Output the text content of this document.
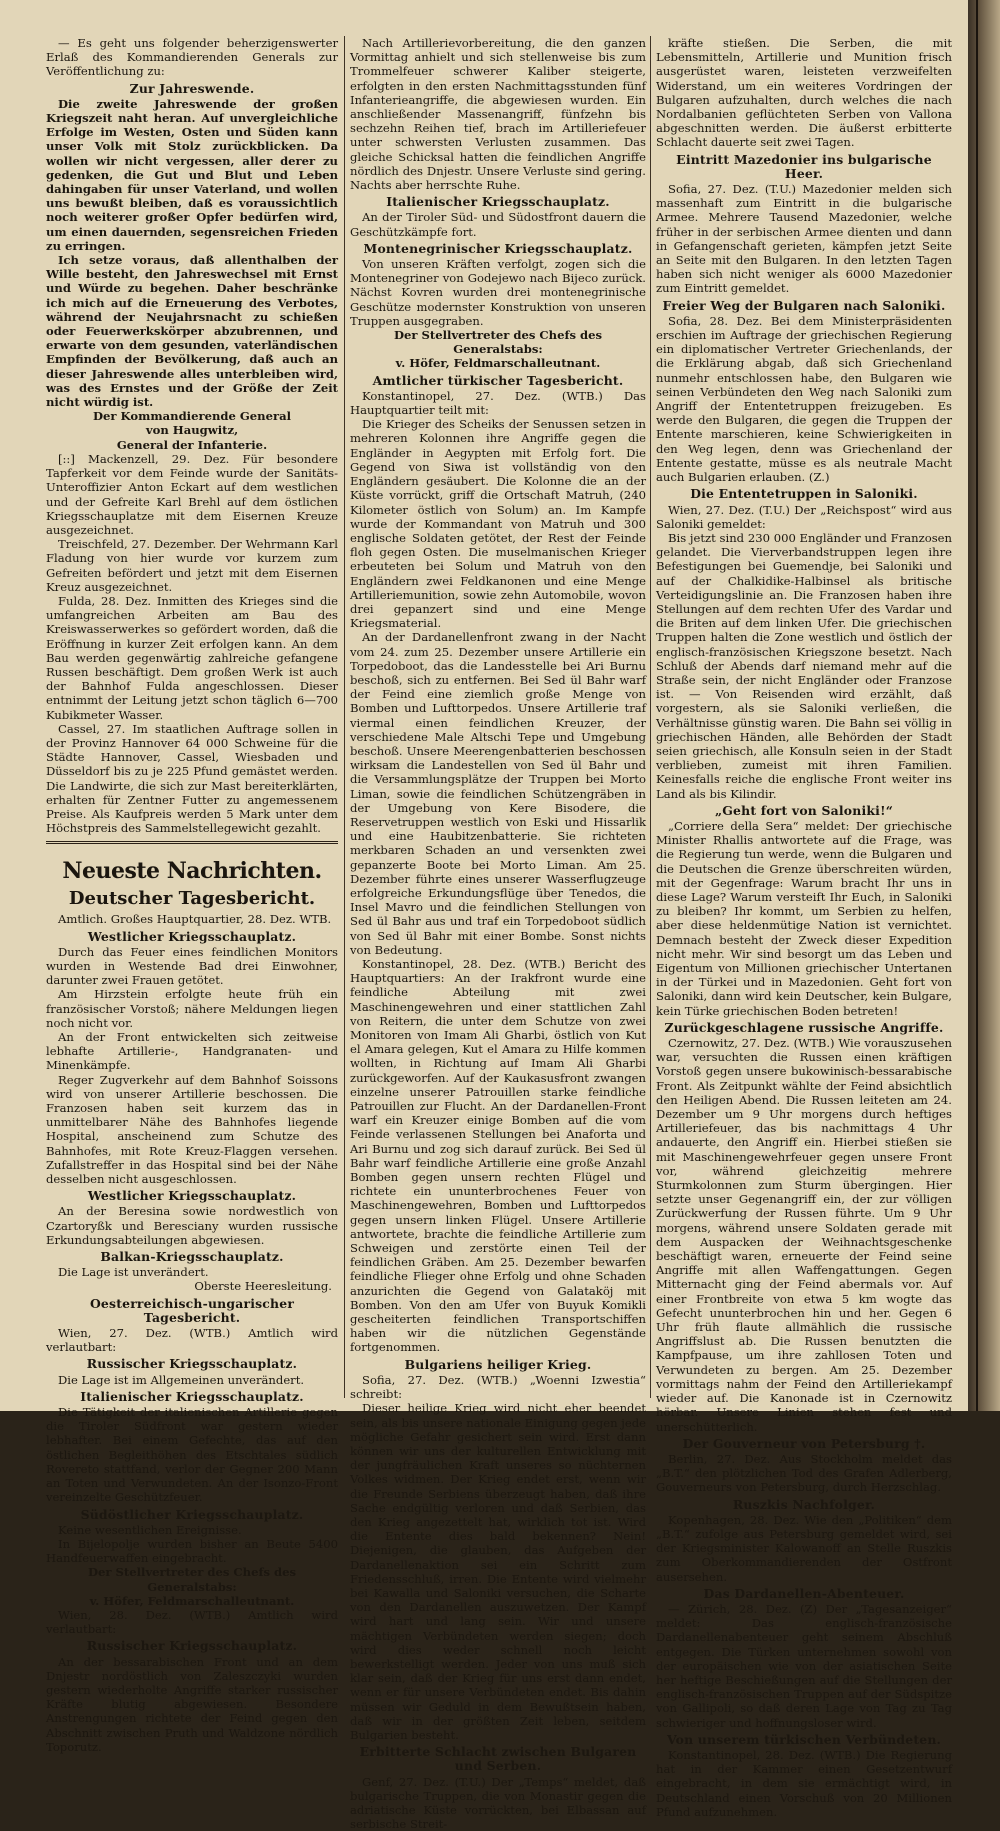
— Es geht uns folgender beherzigenswerter Erlaß des Kommandierenden Generals zur Veröffentlichung zu:

Zur Jahreswende.

Die zweite Jahreswende der großen Kriegszeit naht heran. Auf unvergleichliche Erfolge im Westen, Osten und Süden kann unser Volk mit Stolz zurückblicken. Da wollen wir nicht vergessen, aller derer zu gedenken, die Gut und Blut und Leben dahingaben für unser Vaterland, und wollen uns bewußt bleiben, daß es voraussichtlich noch weiterer großer Opfer bedürfen wird, um einen dauernden, segensreichen Frieden zu erringen.

Ich setze voraus, daß allenthalben der Wille besteht, den Jahreswechsel mit Ernst und Würde zu begehen. Daher beschränke ich mich auf die Erneuerung des Verbotes, während der Neujahrsnacht zu schießen oder Feuerwerkskörper abzubrennen, und erwarte von dem gesunden, vaterländischen Empfinden der Bevölkerung, daß auch an dieser Jahreswende alles unterbleiben wird, was des Ernstes und der Größe der Zeit nicht würdig ist.

Der Kommandierende General
von Haugwitz,
General der Infanterie.

[::] Mackenzell, 29. Dez. Für besondere Tapferkeit vor dem Feinde wurde der Sanitäts-Unteroffizier Anton Eckart auf dem westlichen und der Gefreite Karl Brehl auf dem östlichen Kriegsschauplatze mit dem Eisernen Kreuze ausgezeichnet.

Treischfeld, 27. Dezember. Der Wehrmann Karl Fladung von hier wurde vor kurzem zum Gefreiten befördert und jetzt mit dem Eisernen Kreuz ausgezeichnet.

Fulda, 28. Dez. Inmitten des Krieges sind die umfangreichen Arbeiten am Bau des Kreiswasserwerkes so gefördert worden, daß die Eröffnung in kurzer Zeit erfolgen kann. An dem Bau werden gegenwärtig zahlreiche gefangene Russen beschäftigt. Dem großen Werk ist auch der Bahnhof Fulda angeschlossen. Dieser entnimmt der Leitung jetzt schon täglich 6—700 Kubikmeter Wasser.

Cassel, 27. Im staatlichen Auftrage sollen in der Provinz Hannover 64 000 Schweine für die Städte Hannover, Cassel, Wiesbaden und Düsseldorf bis zu je 225 Pfund gemästet werden. Die Landwirte, die sich zur Mast bereiterklärten, erhalten für Zentner Futter zu angemessenem Preise. Als Kaufpreis werden 5 Mark unter dem Höchstpreis des Sammelstellegewicht gezahlt.

Neueste Nachrichten.
Deutscher Tagesbericht.

Amtlich. Großes Hauptquartier, 28. Dez. WTB.

Westlicher Kriegsschauplatz.

Durch das Feuer eines feindlichen Monitors wurden in Westende Bad drei Einwohner, darunter zwei Frauen getötet.

Am Hirzstein erfolgte heute früh ein französischer Vorstoß; nähere Meldungen liegen noch nicht vor.

An der Front entwickelten sich zeitweise lebhafte Artillerie-, Handgranaten- und Minenkämpfe.

Reger Zugverkehr auf dem Bahnhof Soissons wird von unserer Artillerie beschossen. Die Franzosen haben seit kurzem das in unmittelbarer Nähe des Bahnhofes liegende Hospital, anscheinend zum Schutze des Bahnhofes, mit Rote Kreuz-Flaggen versehen. Zufallstreffer in das Hospital sind bei der Nähe desselben nicht ausgeschlossen.

Westlicher Kriegsschauplatz.

An der Beresina sowie nordwestlich von Czartoryßk und Beresciany wurden russische Erkundungsabteilungen abgewiesen.

Balkan-Kriegsschauplatz.

Die Lage ist unverändert.

Oberste Heeresleitung.
Oesterreichisch-ungarischer Tagesbericht.

Wien, 27. Dez. (WTB.) Amtlich wird verlautbart:

Russischer Kriegsschauplatz.

Die Lage ist im Allgemeinen unverändert.

Italienischer Kriegsschauplatz.

Die Tätigkeit der italienischen Artillerie gegen die Tiroler Südfront war gestern wieder lebhafter. Bei einem Gefechte, das auf den östlichen Begleithöhen des Etschtales südlich Rovereto stattfand, verlor der Gegner 200 Mann an Toten und Verwundeten. An der Isonzo-Front vereinzelte Geschützfeuer.

Südöstlicher Kriegsschauplatz.

Keine wesentlichen Ereignisse.

In Bijelopolje wurden bisher an Beute 5400 Handfeuerwaffen eingebracht.

Der Stellvertreter des Chefs des Generalstabs:
v. Höfer, Feldmarschalleutnant.

Wien, 28. Dez. (WTB.) Amtlich wird verlautbart:

Russischer Kriegsschauplatz.

An der bessarabischen Front und an dem Dnjestr nordöstlich von Zaleszczyki wurden gestern wiederholte Angriffe starker russischer Kräfte blutig abgewiesen. Besondere Anstrengungen richtete der Feind gegen den Abschnitt zwischen Pruth und Waldzone nördlich Toporutz.

Nach Artillerievorbereitung, die den ganzen Vormittag anhielt und sich stellenweise bis zum Trommelfeuer schwerer Kaliber steigerte, erfolgten in den ersten Nachmittagsstunden fünf Infanterieangriffe, die abgewiesen wurden. Ein anschließender Massenangriff, fünfzehn bis sechzehn Reihen tief, brach im Artilleriefeuer unter schwersten Verlusten zusammen. Das gleiche Schicksal hatten die feindlichen Angriffe nördlich des Dnjestr. Unsere Verluste sind gering. Nachts aber herrschte Ruhe.

Italienischer Kriegsschauplatz.

An der Tiroler Süd- und Südostfront dauern die Geschützkämpfe fort.

Montenegrinischer Kriegsschauplatz.

Von unseren Kräften verfolgt, zogen sich die Montenegriner von Godejewo nach Bijeco zurück. Nächst Kovren wurden drei montenegrinische Geschütze modernster Konstruktion von unseren Truppen ausgegraben.

Der Stellvertreter des Chefs des Generalstabs:
v. Höfer, Feldmarschalleutnant.
Amtlicher türkischer Tagesbericht.

Konstantinopel, 27. Dez. (WTB.) Das Hauptquartier teilt mit:

Die Krieger des Scheiks der Senussen setzen in mehreren Kolonnen ihre Angriffe gegen die Engländer in Aegypten mit Erfolg fort. Die Gegend von Siwa ist vollständig von den Engländern gesäubert. Die Kolonne die an der Küste vorrückt, griff die Ortschaft Matruh, (240 Kilometer östlich von Solum) an. Im Kampfe wurde der Kommandant von Matruh und 300 englische Soldaten getötet, der Rest der Feinde floh gegen Osten. Die muselmanischen Krieger erbeuteten bei Solum und Matruh von den Engländern zwei Feldkanonen und eine Menge Artilleriemunition, sowie zehn Automobile, wovon drei gepanzert sind und eine Menge Kriegsmaterial.

An der Dardanellenfront zwang in der Nacht vom 24. zum 25. Dezember unsere Artillerie ein Torpedoboot, das die Landesstelle bei Ari Burnu beschoß, sich zu entfernen. Bei Sed ül Bahr warf der Feind eine ziemlich große Menge von Bomben und Lufttorpedos. Unsere Artillerie traf viermal einen feindlichen Kreuzer, der verschiedene Male Altschi Tepe und Umgebung beschoß. Unsere Meerengenbatterien beschossen wirksam die Landestellen von Sed ül Bahr und die Versammlungsplätze der Truppen bei Morto Liman, sowie die feindlichen Schützengräben in der Umgebung von Kere Bisodere, die Reservetruppen westlich von Eski und Hissarlik und eine Haubitzenbatterie. Sie richteten merkbaren Schaden an und versenkten zwei gepanzerte Boote bei Morto Liman. Am 25. Dezember führte eines unserer Wasserflugzeuge erfolgreiche Erkundungsflüge über Tenedos, die Insel Mavro und die feindlichen Stellungen von Sed ül Bahr aus und traf ein Torpedoboot südlich von Sed ül Bahr mit einer Bombe. Sonst nichts von Bedeutung.

Konstantinopel, 28. Dez. (WTB.) Bericht des Hauptquartiers: An der Irakfront wurde eine feindliche Abteilung mit zwei Maschinengewehren und einer stattlichen Zahl von Reitern, die unter dem Schutze von zwei Monitoren von Imam Ali Gharbi, östlich von Kut el Amara gelegen, Kut el Amara zu Hilfe kommen wollten, in Richtung auf Imam Ali Gharbi zurückgeworfen. Auf der Kaukasusfront zwangen einzelne unserer Patrouillen starke feindliche Patrouillen zur Flucht. An der Dardanellen-Front warf ein Kreuzer einige Bomben auf die vom Feinde verlassenen Stellungen bei Anaforta und Ari Burnu und zog sich darauf zurück. Bei Sed ül Bahr warf feindliche Artillerie eine große Anzahl Bomben gegen unsern rechten Flügel und richtete ein ununterbrochenes Feuer von Maschinengewehren, Bomben und Lufttorpedos gegen unsern linken Flügel. Unsere Artillerie antwortete, brachte die feindliche Artillerie zum Schweigen und zerstörte einen Teil der feindlichen Gräben. Am 25. Dezember bewarfen feindliche Flieger ohne Erfolg und ohne Schaden anzurichten die Gegend von Galataköj mit Bomben. Von den am Ufer von Buyuk Komikli gescheiterten feindlichen Transportschiffen haben wir die nützlichen Gegenstände fortgenommen.

Bulgariens heiliger Krieg.

Sofia, 27. Dez. (WTB.) „Woenni Izwestia“ schreibt:

Dieser heilige Krieg wird nicht eher beendet sein, als bis unsere nationale Einigung gegen jede mögliche Gefahr gesichert sein wird. Erst dann können wir uns der kulturellen Entwicklung mit der jungfräulichen Kraft unseres so nüchternen Volkes widmen. Der Krieg endet erst, wenn wir die Freunde Serbiens überzeugt haben, daß ihre Sache endgültig verloren und daß Serbien, das den Krieg angezettelt hat, wirklich tot ist. Wird die Entente dies bald bekennen? Nein! Diejenigen, die glauben, das Aufgeben der Dardanellenaktion sei ein Schritt zum Friedensschluß, irren. Die Entente wird vielmehr bei Kawalla und Saloniki versuchen, die Scharte von den Dardanellen auszuwetzen. Der Kampf wird hart und lang sein. Wir und unsere mächtigen Verbündeten werden siegen; doch wird dies weder schnell noch leicht bewerkstelligt werden. Jeder von uns muß sich klar sein, daß der Krieg für uns erst dann endet, wenn er für unsere Verbündeten endet. Bis dahin müssen wir Geduld in dem Bewußtsein haben, daß wir in der größten Zeit leben, seitdem Bulgarien besteht.

Erbitterte Schlacht zwischen Bulgaren und Serben.

Genf, 27. Dez. (T.U.) Der „Temps“ meldet, daß bulgarische Truppen, die von Monastir gegen die adriatische Küste vorrückten, bei Elbassan auf serbische Streit-

kräfte stießen. Die Serben, die mit Lebensmitteln, Artillerie und Munition frisch ausgerüstet waren, leisteten verzweifelten Widerstand, um ein weiteres Vordringen der Bulgaren aufzuhalten, durch welches die nach Nordalbanien geflüchteten Serben von Vallona abgeschnitten werden. Die äußerst erbitterte Schlacht dauerte seit zwei Tagen.

Eintritt Mazedonier ins bulgarische Heer.

Sofia, 27. Dez. (T.U.) Mazedonier melden sich massenhaft zum Eintritt in die bulgarische Armee. Mehrere Tausend Mazedonier, welche früher in der serbischen Armee dienten und dann in Gefangenschaft gerieten, kämpfen jetzt Seite an Seite mit den Bulgaren. In den letzten Tagen haben sich nicht weniger als 6000 Mazedonier zum Eintritt gemeldet.

Freier Weg der Bulgaren nach Saloniki.

Sofia, 28. Dez. Bei dem Ministerpräsidenten erschien im Auftrage der griechischen Regierung ein diplomatischer Vertreter Griechenlands, der die Erklärung abgab, daß sich Griechenland nunmehr entschlossen habe, den Bulgaren wie seinen Verbündeten den Weg nach Saloniki zum Angriff der Ententetruppen freizugeben. Es werde den Bulgaren, die gegen die Truppen der Entente marschieren, keine Schwierigkeiten in den Weg legen, denn was Griechenland der Entente gestatte, müsse es als neutrale Macht auch Bulgarien erlauben. (Z.)

Die Ententetruppen in Saloniki.

Wien, 27. Dez. (T.U.) Der „Reichspost“ wird aus Saloniki gemeldet:

Bis jetzt sind 230 000 Engländer und Franzosen gelandet. Die Vierverbandstruppen legen ihre Befestigungen bei Guemendje, bei Saloniki und auf der Chalkidike-Halbinsel als britische Verteidigungslinie an. Die Franzosen haben ihre Stellungen auf dem rechten Ufer des Vardar und die Briten auf dem linken Ufer. Die griechischen Truppen halten die Zone westlich und östlich der englisch-französischen Kriegszone besetzt. Nach Schluß der Abends darf niemand mehr auf die Straße sein, der nicht Engländer oder Franzose ist. — Von Reisenden wird erzählt, daß vorgestern, als sie Saloniki verließen, die Verhältnisse günstig waren. Die Bahn sei völlig in griechischen Händen, alle Behörden der Stadt seien griechisch, alle Konsuln seien in der Stadt verblieben, zumeist mit ihren Familien. Keinesfalls reiche die englische Front weiter ins Land als bis Kilindir.

„Geht fort von Saloniki!“

„Corriere della Sera“ meldet: Der griechische Minister Rhallis antwortete auf die Frage, was die Regierung tun werde, wenn die Bulgaren und die Deutschen die Grenze überschreiten würden, mit der Gegenfrage: Warum bracht Ihr uns in diese Lage? Warum versteift Ihr Euch, in Saloniki zu bleiben? Ihr kommt, um Serbien zu helfen, aber diese heldenmütige Nation ist vernichtet. Demnach besteht der Zweck dieser Expedition nicht mehr. Wir sind besorgt um das Leben und Eigentum von Millionen griechischer Untertanen in der Türkei und in Mazedonien. Geht fort von Saloniki, dann wird kein Deutscher, kein Bulgare, kein Türke griechischen Boden betreten!

Zurückgeschlagene russische Angriffe.

Czernowitz, 27. Dez. (WTB.) Wie vorauszusehen war, versuchten die Russen einen kräftigen Vorstoß gegen unsere bukowinisch-bessarabische Front. Als Zeitpunkt wählte der Feind absichtlich den Heiligen Abend. Die Russen leiteten am 24. Dezember um 9 Uhr morgens durch heftiges Artilleriefeuer, das bis nachmittags 4 Uhr andauerte, den Angriff ein. Hierbei stießen sie mit Maschinengewehrfeuer gegen unsere Front vor, während gleichzeitig mehrere Sturmkolonnen zum Sturm übergingen. Hier setzte unser Gegenangriff ein, der zur völligen Zurückwerfung der Russen führte. Um 9 Uhr morgens, während unsere Soldaten gerade mit dem Auspacken der Weihnachtsgeschenke beschäftigt waren, erneuerte der Feind seine Angriffe mit allen Waffengattungen. Gegen Mitternacht ging der Feind abermals vor. Auf einer Frontbreite von etwa 5 km wogte das Gefecht ununterbrochen hin und her. Gegen 6 Uhr früh flaute allmählich die russische Angriffslust ab. Die Russen benutzten die Kampfpause, um ihre zahllosen Toten und Verwundeten zu bergen. Am 25. Dezember vormittags nahm der Feind den Artilleriekampf wieder auf. Die Kanonade ist in Czernowitz hörbar. Unsere Linien stehen fest und unerschütterlich.

Der Gouverneur von Petersburg †.

Berlin, 27. Dez. Aus Stockholm meldet das „B.T.“ den plötzlichen Tod des Grafen Adlerberg, Gouverneurs von Petersburg, durch Herzschlag.

Ruszkis Nachfolger.

Kopenhagen, 28. Dez. Wie den „Politiken“ dem „B.T.“ zufolge aus Petersburg gemeldet wird, sei der Kriegsminister Kalowanoff an Stelle Ruszkis zum Oberkommandierenden der Ostfront ausersehen.

Das Dardanellen-Abenteuer.

— Zürich, 28. Dez. (Z) Der „Tagesanzeiger“ meldet: Das englisch-französische Dardanellenabenteuer geht seinem Abschluß entgegen. Die Türken unternehmen sowohl von der europäischen wie von der asiatischen Seite her heftige Beschießungen auf die Stellungen der englisch-französischen Truppen auf der Südspitze von Gallipoli, so daß deren Lage von Tag zu Tag schwieriger und hoffnungsloser wird.

Von unserem türkischen Verbündeten.

Konstantinopel, 28. Dez. (WTB.) Die Regierung hat in der Kammer einen Gesetzentwurf eingebracht, in dem sie ermächtigt wird, in Deutschland einen Vorschuß von 20 Millionen Pfund aufzunehmen.
